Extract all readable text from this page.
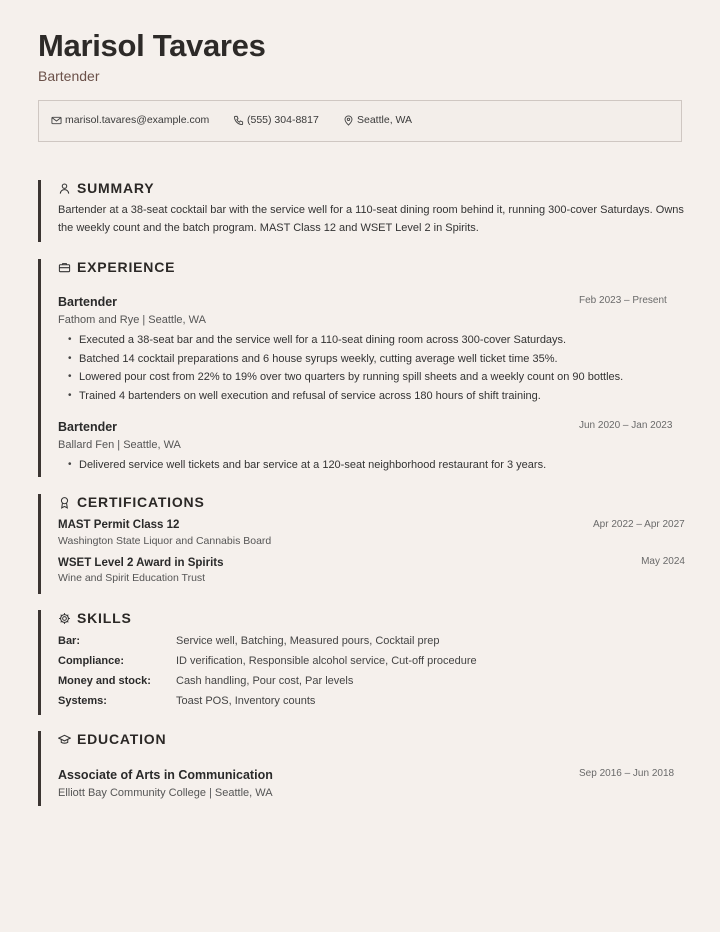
Marisol Tavares
Bartender
marisol.tavares@example.com	(555) 304-8817	Seattle, WA
SUMMARY
Bartender at a 38-seat cocktail bar with the service well for a 110-seat dining room behind it, running 300-cover Saturdays. Owns
the weekly count and the batch program. MAST Class 12 and WSET Level 2 in Spirits.
EXPERIENCE
Bartender	Feb 2023 – Present
Fathom and Rye | Seattle, WA
• Executed a 38-seat bar and the service well for a 110-seat dining room across 300-cover Saturdays.
• Batched 14 cocktail preparations and 6 house syrups weekly, cutting average well ticket time 35%.
• Lowered pour cost from 22% to 19% over two quarters by running spill sheets and a weekly count on 90 bottles.
• Trained 4 bartenders on well execution and refusal of service across 180 hours of shift training.
Bartender	Jun 2020 – Jan 2023
Ballard Fen | Seattle, WA
• Delivered service well tickets and bar service at a 120-seat neighborhood restaurant for 3 years.
CERTIFICATIONS
MAST Permit Class 12	Apr 2022 – Apr 2027
Washington State Liquor and Cannabis Board
WSET Level 2 Award in Spirits	May 2024
Wine and Spirit Education Trust
SKILLS
Bar:	Service well, Batching, Measured pours, Cocktail prep
Compliance:	ID verification, Responsible alcohol service, Cut-off procedure
Money and stock: Cash handling, Pour cost, Par levels
Systems:	Toast POS, Inventory counts
EDUCATION
Associate of Arts in Communication	Sep 2016 – Jun 2018
Elliott Bay Community College | Seattle, WA
